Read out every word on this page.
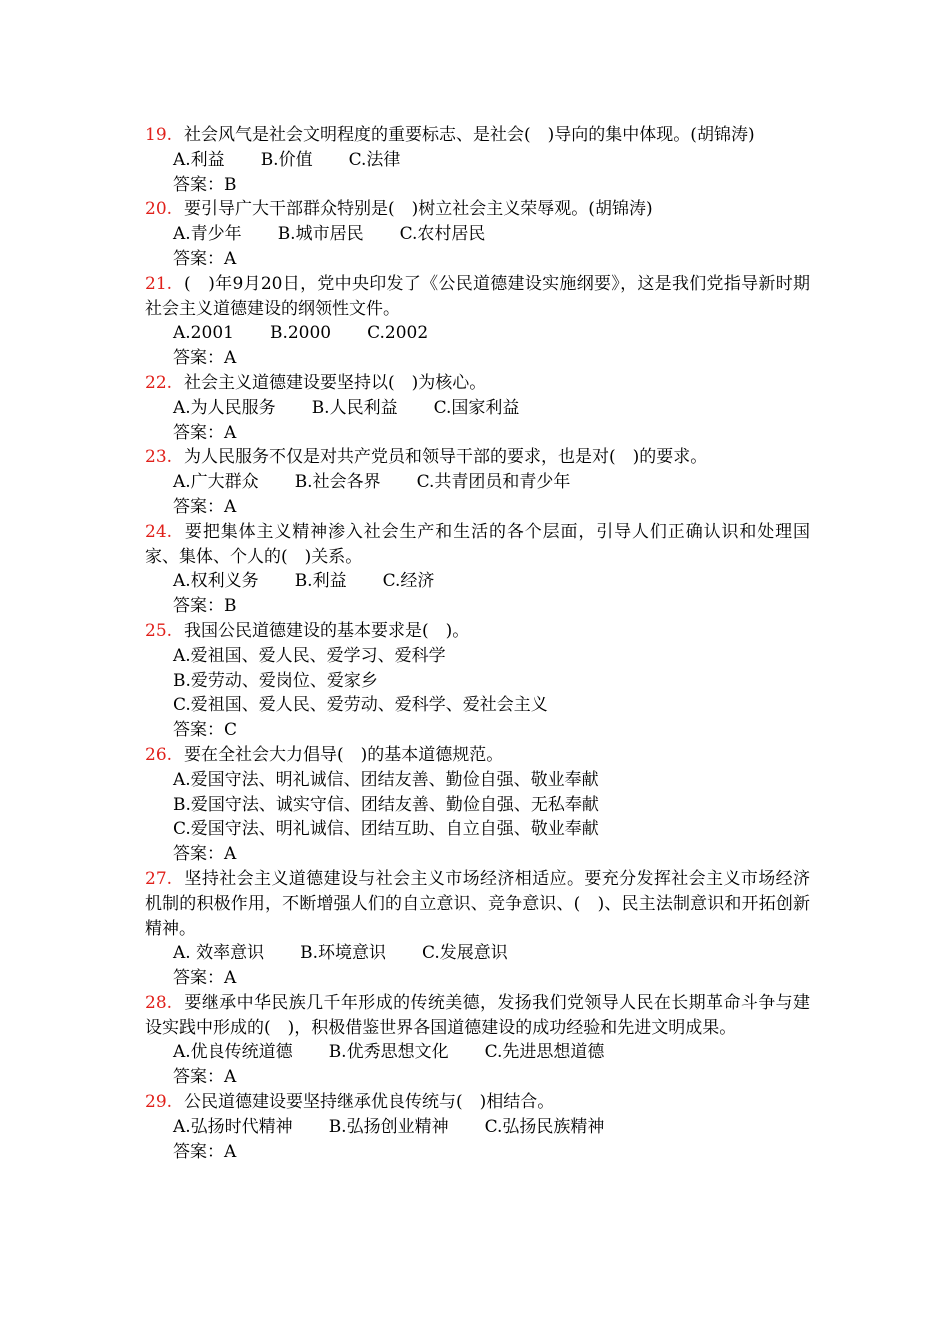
19. 社会风气是社会文明程度的重要标志、是社会(　)导向的集中体现。(胡锦涛)

A.利益 B.价值 C.法律

答案：B

20. 要引导广大干部群众特别是(　)树立社会主义荣辱观。(胡锦涛)

A.青少年 B.城市居民 C.农村居民

答案：A

21. (　)年9月20日，党中央印发了《公民道德建设实施纲要》，这是我们党指导新时期社会主义道德建设的纲领性文件。

A.2001 B.2000 C.2002

答案：A

22. 社会主义道德建设要坚持以(　)为核心。

A.为人民服务 B.人民利益 C.国家利益

答案：A

23. 为人民服务不仅是对共产党员和领导干部的要求，也是对(　)的要求。

A.广大群众 B.社会各界 C.共青团员和青少年

答案：A

24. 要把集体主义精神渗入社会生产和生活的各个层面，引导人们正确认识和处理国家、集体、个人的(　)关系。

A.权利义务 B.利益 C.经济

答案：B

25. 我国公民道德建设的基本要求是(　)。

A.爱祖国、爱人民、爱学习、爱科学

B.爱劳动、爱岗位、爱家乡

C.爱祖国、爱人民、爱劳动、爱科学、爱社会主义

答案：C

26. 要在全社会大力倡导(　)的基本道德规范。

A.爱国守法、明礼诚信、团结友善、勤俭自强、敬业奉献

B.爱国守法、诚实守信、团结友善、勤俭自强、无私奉献

C.爱国守法、明礼诚信、团结互助、自立自强、敬业奉献

答案：A

27. 坚持社会主义道德建设与社会主义市场经济相适应。要充分发挥社会主义市场经济机制的积极作用，不断增强人们的自立意识、竞争意识、(　)、民主法制意识和开拓创新精神。

A. 效率意识 B.环境意识 C.发展意识

答案：A

28. 要继承中华民族几千年形成的传统美德，发扬我们党领导人民在长期革命斗争与建设实践中形成的(　)，积极借鉴世界各国道德建设的成功经验和先进文明成果。

A.优良传统道德 B.优秀思想文化 C.先进思想道德

答案：A

29. 公民道德建设要坚持继承优良传统与(　)相结合。

A.弘扬时代精神 B.弘扬创业精神 C.弘扬民族精神

答案：A
